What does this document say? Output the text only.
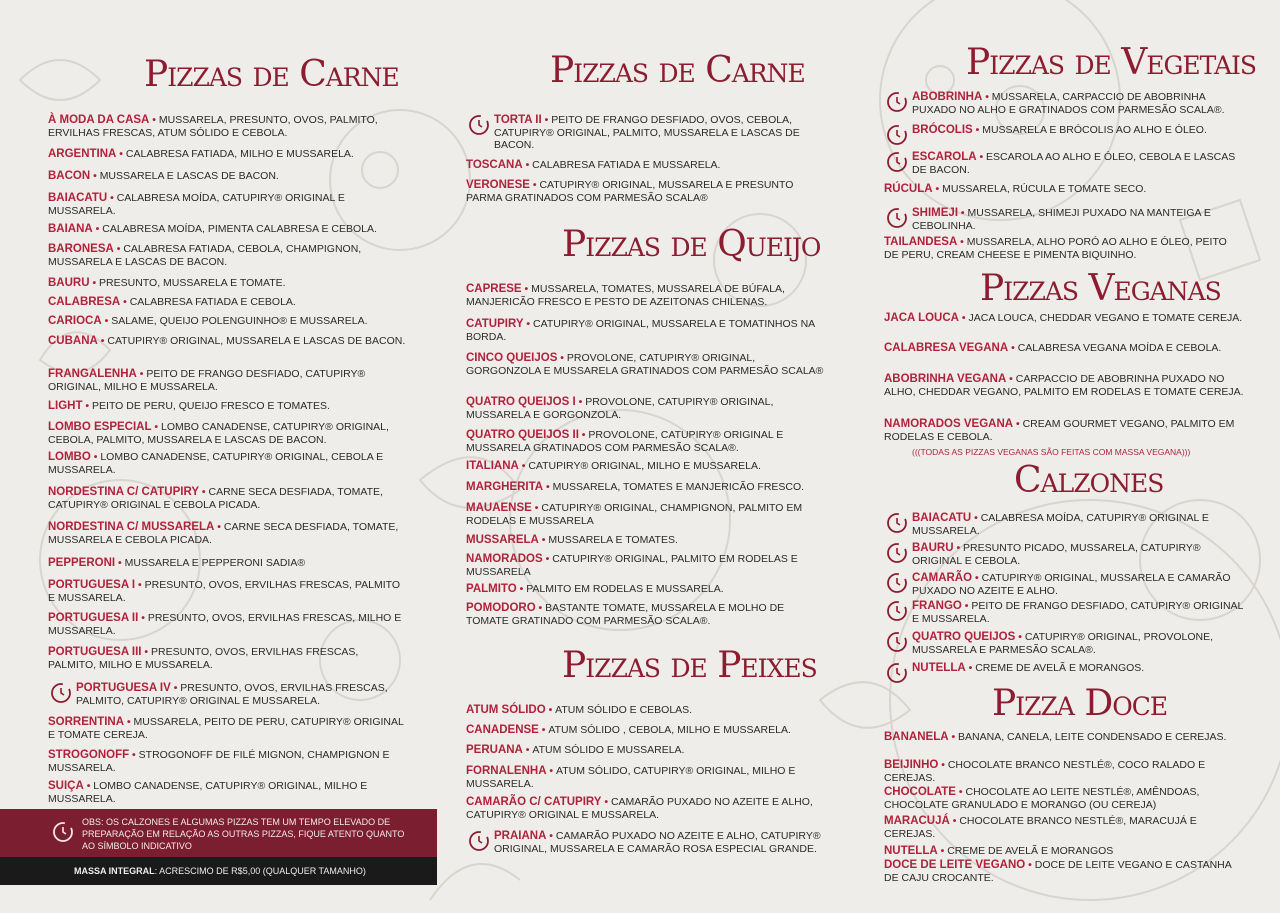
Pizzas de Carne
À MODA DA CASA • MUSSARELA, PRESUNTO, OVOS, PALMITO, ERVILHAS FRESCAS, ATUM SÓLIDO E CEBOLA.
ARGENTINA • CALABRESA FATIADA, MILHO E MUSSARELA.
BACON • MUSSARELA E LASCAS DE BACON.
BAIACATU • CALABRESA MOÍDA, CATUPIRY® ORIGINAL E MUSSARELA.
BAIANA • CALABRESA MOÍDA, PIMENTA CALABRESA E CEBOLA.
BARONESA • CALABRESA FATIADA, CEBOLA, CHAMPIGNON, MUSSARELA E LASCAS DE BACON.
BAURU • PRESUNTO, MUSSARELA E TOMATE.
CALABRESA • CALABRESA FATIADA E CEBOLA.
CARIOCA • SALAME, QUEIJO POLENGUINHO® E MUSSARELA.
CUBANA • CATUPIRY® ORIGINAL, MUSSARELA E LASCAS DE BACON.
FRANGALENHA • PEITO DE FRANGO DESFIADO, CATUPIRY® ORIGINAL, MILHO E MUSSARELA.
LIGHT • PEITO DE PERU, QUEIJO FRESCO E TOMATES.
LOMBO ESPECIAL • LOMBO CANADENSE, CATUPIRY® ORIGINAL, CEBOLA, PALMITO, MUSSARELA E LASCAS DE BACON.
LOMBO • LOMBO CANADENSE, CATUPIRY® ORIGINAL, CEBOLA E MUSSARELA.
NORDESTINA C/ CATUPIRY • CARNE SECA DESFIADA, TOMATE, CATUPIRY® ORIGINAL E CEBOLA PICADA.
NORDESTINA C/ MUSSARELA • CARNE SECA DESFIADA, TOMATE, MUSSARELA E CEBOLA PICADA.
PEPPERONI • MUSSARELA E PEPPERONI SADIA®
PORTUGUESA I • PRESUNTO, OVOS, ERVILHAS FRESCAS, PALMITO E MUSSARELA.
PORTUGUESA II • PRESUNTO, OVOS, ERVILHAS FRESCAS, MILHO E MUSSARELA.
PORTUGUESA III • PRESUNTO, OVOS, ERVILHAS FRESCAS, PALMITO, MILHO E MUSSARELA.
PORTUGUESA IV • PRESUNTO, OVOS, ERVILHAS FRESCAS, PALMITO, CATUPIRY® ORIGINAL E MUSSARELA.
SORRENTINA • MUSSARELA, PEITO DE PERU, CATUPIRY® ORIGINAL E TOMATE CEREJA.
STROGONOFF • STROGONOFF DE FILÉ MIGNON, CHAMPIGNON E MUSSARELA.
SUIÇA • LOMBO CANADENSE, CATUPIRY® ORIGINAL, MILHO E MUSSARELA.
Pizzas de Carne
TORTA II • PEITO DE FRANGO DESFIADO, OVOS, CEBOLA, CATUPIRY® ORIGINAL, PALMITO, MUSSARELA E LASCAS DE BACON.
TOSCANA • CALABRESA FATIADA E MUSSARELA.
VERONESE • CATUPIRY® ORIGINAL, MUSSARELA E PRESUNTO PARMA GRATINADOS COM PARMESÃO SCALA®
Pizzas de Queijo
CAPRESE • MUSSARELA, TOMATES, MUSSARELA DE BÚFALA, MANJERICÃO FRESCO E PESTO DE AZEITONAS CHILENAS.
CATUPIRY • CATUPIRY® ORIGINAL, MUSSARELA E TOMATINHOS NA BORDA.
CINCO QUEIJOS • PROVOLONE, CATUPIRY® ORIGINAL, GORGONZOLA E MUSSARELA GRATINADOS COM PARMESÃO SCALA®
QUATRO QUEIJOS I • PROVOLONE, CATUPIRY® ORIGINAL, MUSSARELA E GORGONZOLA.
QUATRO QUEIJOS II • PROVOLONE, CATUPIRY® ORIGINAL E MUSSARELA GRATINADOS COM PARMESÃO SCALA®.
ITALIANA • CATUPIRY® ORIGINAL, MILHO E MUSSARELA.
MARGHERITA • MUSSARELA, TOMATES E MANJERICÃO FRESCO.
MAUAENSE • CATUPIRY® ORIGINAL, CHAMPIGNON, PALMITO EM RODELAS E MUSSARELA
MUSSARELA • MUSSARELA E TOMATES.
NAMORADOS • CATUPIRY® ORIGINAL, PALMITO EM RODELAS E MUSSARELA
PALMITO • PALMITO EM RODELAS E MUSSARELA.
POMODORO • BASTANTE TOMATE, MUSSARELA E MOLHO DE TOMATE GRATINADO COM PARMESÃO SCALA®.
Pizzas de Peixes
ATUM SÓLIDO • ATUM SÓLIDO E CEBOLAS.
CANADENSE • ATUM SÓLIDO , CEBOLA, MILHO E MUSSARELA.
PERUANA • ATUM SÓLIDO E MUSSARELA.
FORNALENHA • ATUM SÓLIDO, CATUPIRY® ORIGINAL, MILHO E MUSSARELA.
CAMARÃO C/ CATUPIRY • CAMARÃO PUXADO NO AZEITE E ALHO, CATUPIRY® ORIGINAL E MUSSARELA.
PRAIANA • CAMARÃO PUXADO NO AZEITE E ALHO, CATUPIRY® ORIGINAL, MUSSARELA E CAMARÃO ROSA ESPECIAL GRANDE.
Pizzas de Vegetais
ABOBRINHA • MUSSARELA, CARPACCIO DE ABOBRINHA PUXADO NO ALHO E GRATINADOS COM PARMESÃO SCALA®.
BRÓCOLIS • MUSSARELA E BRÓCOLIS AO ALHO E ÓLEO.
ESCAROLA • ESCAROLA AO ALHO E ÓLEO, CEBOLA E LASCAS DE BACON.
RÚCULA • MUSSARELA, RÚCULA E TOMATE SECO.
SHIMEJI • MUSSARELA, SHIMEJI PUXADO NA MANTEIGA E CEBOLINHA.
TAILANDESA • MUSSARELA, ALHO PORÓ AO ALHO E ÓLEO, PEITO DE PERU, CREAM CHEESE E PIMENTA BIQUINHO.
Pizzas Veganas
JACA LOUCA • JACA LOUCA, CHEDDAR VEGANO E TOMATE CEREJA.
CALABRESA VEGANA • CALABRESA VEGANA MOÍDA E CEBOLA.
ABOBRINHA VEGANA • CARPACCIO DE ABOBRINHA PUXADO NO ALHO, CHEDDAR VEGANO, PALMITO EM RODELAS E TOMATE CEREJA.
NAMORADOS VEGANA • CREAM GOURMET VEGANO, PALMITO EM RODELAS E CEBOLA.
(((TODAS AS PIZZAS VEGANAS SÃO FEITAS COM MASSA VEGANA)))
Calzones
BAIACATU • CALABRESA MOÍDA, CATUPIRY® ORIGINAL E MUSSARELA.
BAURU • PRESUNTO PICADO, MUSSARELA, CATUPIRY® ORIGINAL E CEBOLA.
CAMARÃO • CATUPIRY® ORIGINAL, MUSSARELA E CAMARÃO PUXADO NO AZEITE E ALHO.
FRANGO • PEITO DE FRANGO DESFIADO, CATUPIRY® ORIGINAL E MUSSARELA.
QUATRO QUEIJOS • CATUPIRY® ORIGINAL, PROVOLONE, MUSSARELA E PARMESÃO SCALA®.
NUTELLA • CREME DE AVELÃ E MORANGOS.
Pizza Doce
BANANELA • BANANA, CANELA, LEITE CONDENSADO E CEREJAS.
BEIJINHO • CHOCOLATE BRANCO NESTLÉ®, COCO RALADO E CEREJAS.
CHOCOLATE • CHOCOLATE AO LEITE NESTLÉ®, AMÊNDOAS, CHOCOLATE GRANULADO E MORANGO (OU CEREJA)
MARACUJÁ • CHOCOLATE BRANCO NESTLÉ®, MARACUJÁ E CEREJAS.
NUTELLA • CREME DE AVELÃ E MORANGOS
DOCE DE LEITE VEGANO • DOCE DE LEITE VEGANO E CASTANHA DE CAJU CROCANTE.
OBS: OS CALZONES E ALGUMAS PIZZAS TEM UM TEMPO ELEVADO DE PREPARAÇÃO EM RELAÇÃO AS OUTRAS PIZZAS, FIQUE ATENTO QUANTO AO SÍMBOLO INDICATIVO
MASSA INTEGRAL: ACRESCIMO DE R$5,00 (QUALQUER TAMANHO)
